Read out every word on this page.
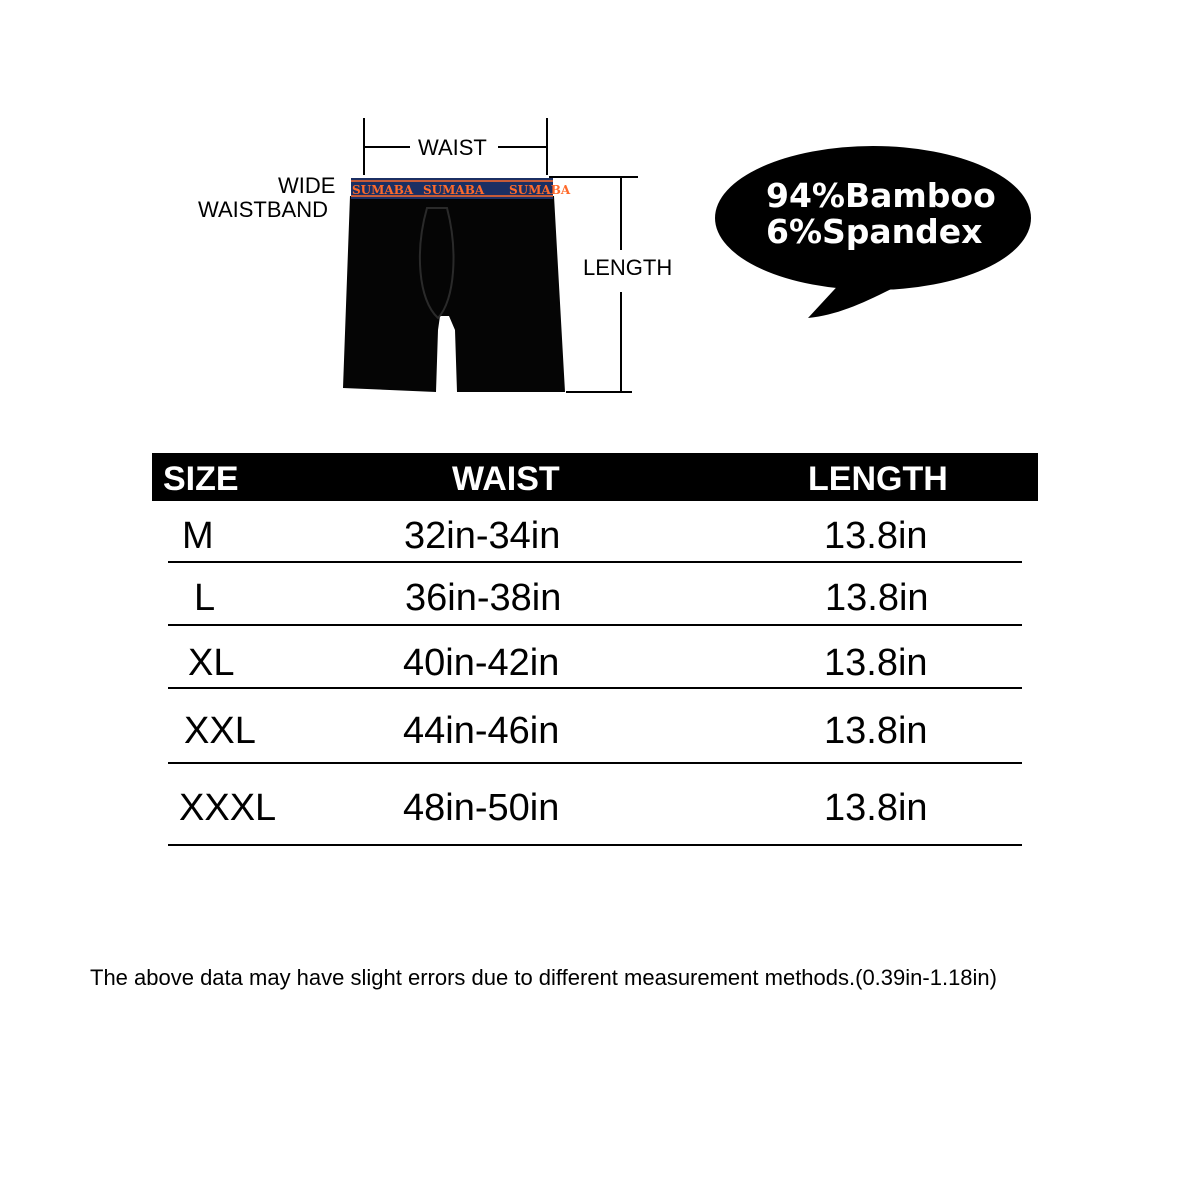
SUMABA SUMABA SUMABA
WAIST
WIDE
WAISTBAND
LENGTH
94%Bamboo
6%Spandex
SIZE	WAIST	LENGTH
M	32in-34in	13.8in
L	36in-38in	13.8in
XL	40in-42in	13.8in
XXL	44in-46in	13.8in
XXXL	48in-50in	13.8in
The above data may have slight errors due to different measurement methods.(0.39in-1.18in)
